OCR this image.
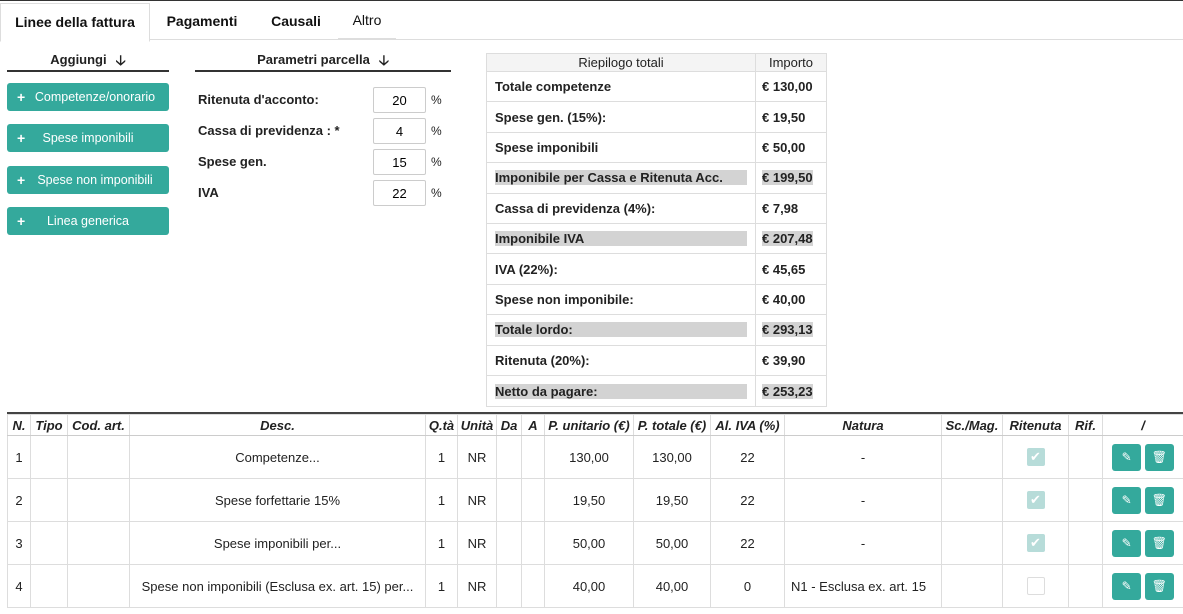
Linee della fattura	Pagamenti	Causali	Altro
Aggiungi 🡣
+ Competenze/onorario
+ Spese imponibili
+ Spese non imponibili
+ Linea generica
Parametri parcella 🡣
Ritenuta d'acconto:
20	%
Cassa di previdenza : *
4	%
Spese gen.
15	%
IVA
22	%
Riepilogo totali	Importo
Totale competenze	€ 130,00
Spese gen. (15%):	€ 19,50
Spese imponibili	€ 50,00
Imponibile per Cassa e Ritenuta Acc.	€ 199,50
Cassa di previdenza (4%):	€ 7,98
Imponibile IVA	€ 207,48
IVA (22%):	€ 45,65
Spese non imponibile:	€ 40,00
Totale lordo:	€ 293,13
Ritenuta (20%):	€ 39,90
Netto da pagare:	€ 253,23
N.	Tipo	Cod. art.	Desc.	Q.tà	Unità	Da	A	P. unitario (€)	P. totale (€)	Al. IVA (%)	Natura	Sc./Mag.	Ritenuta	Rif.	/
1			Competenze...	1	NR			130,00	130,00	22	-		✔		✎ 🗑
2			Spese forfettarie 15%	1	NR			19,50	19,50	22	-		✔		✎ 🗑
3			Spese imponibili per...	1	NR			50,00	50,00	22	-		✔		✎ 🗑
4			Spese non imponibili (Esclusa ex. art. 15) per...	1	NR			40,00	40,00	0	N1 - Esclusa ex. art. 15				✎ 🗑
